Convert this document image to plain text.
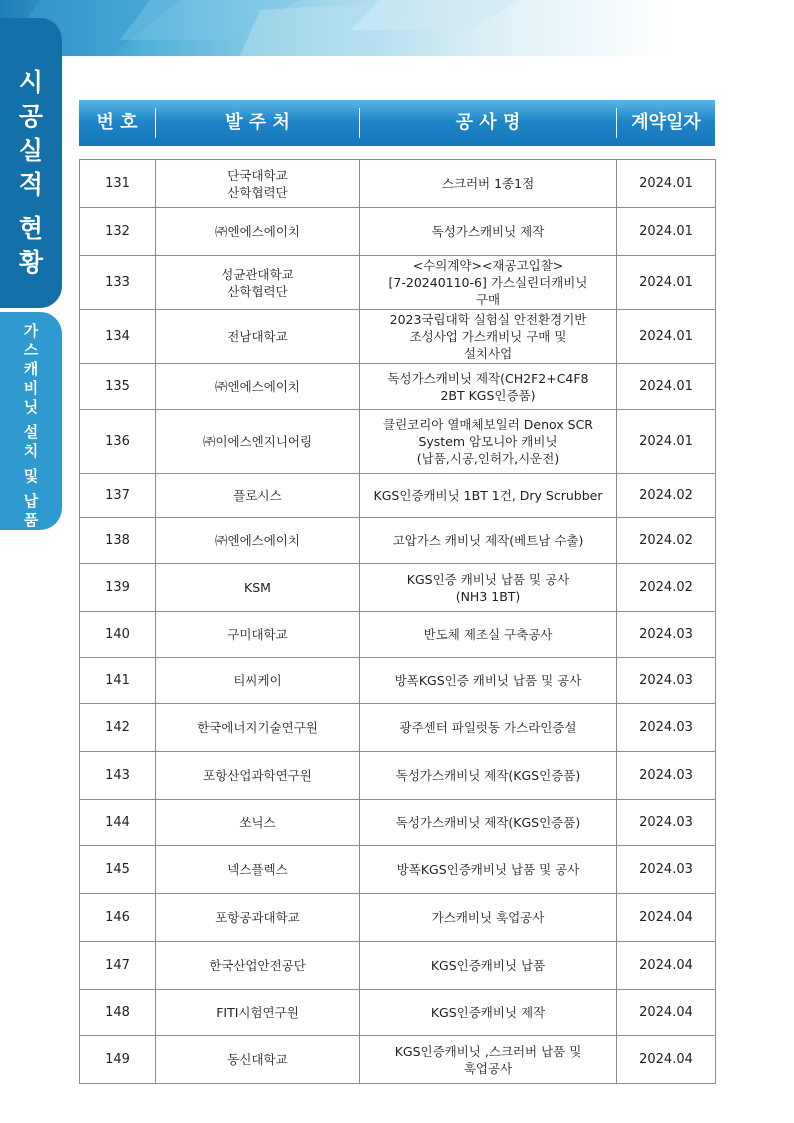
시
공
실
적
현
황
가
스
캐
비
닛
설
치
및
납
품
번 호	발 주 처	공 사 명	계약일자
131	단국대학교
산학협력단	스크러버 1종1점	2024.01
132	㈜엔에스에이치	독성가스캐비닛 제작	2024.01
133	성균관대학교
산학협력단	<수의계약><재공고입찰>
[7-20240110-6] 가스실린더캐비닛
구매	2024.01
134	전남대학교	2023국립대학 실험실 안전환경기반
조성사업 가스캐비닛 구매 및
설치사업	2024.01
135	㈜엔에스에이치	독성가스캐비닛 제작(CH2F2+C4F8
2BT KGS인증품)	2024.01
136	㈜이에스엔지니어링	클린코리아 열매체보일러 Denox SCR
System 암모니아 캐비닛
(납품,시공,인허가,시운전)	2024.01
137	플로시스	KGS인증캐비닛 1BT 1건, Dry Scrubber	2024.02
138	㈜엔에스에이치	고압가스 캐비닛 제작(베트남 수출)	2024.02
139	KSM	KGS인증 캐비닛 납품 및 공사
(NH3 1BT)	2024.02
140	구미대학교	반도체 제조실 구축공사	2024.03
141	티씨케이	방폭KGS인증 캐비닛 납품 및 공사	2024.03
142	한국에너지기술연구원	광주센터 파일럿동 가스라인증설	2024.03
143	포항산업과학연구원	독성가스캐비닛 제작(KGS인증품)	2024.03
144	쏘닉스	독성가스캐비닛 제작(KGS인증품)	2024.03
145	넥스플렉스	방폭KGS인증캐비닛 납품 및 공사	2024.03
146	포항공과대학교	가스캐비닛 훅업공사	2024.04
147	한국산업안전공단	KGS인증캐비닛 납품	2024.04
148	FITI시험연구원	KGS인증캐비닛 제작	2024.04
149	동신대학교	KGS인증캐비닛 ,스크러버 납품 및
훅업공사	2024.04
